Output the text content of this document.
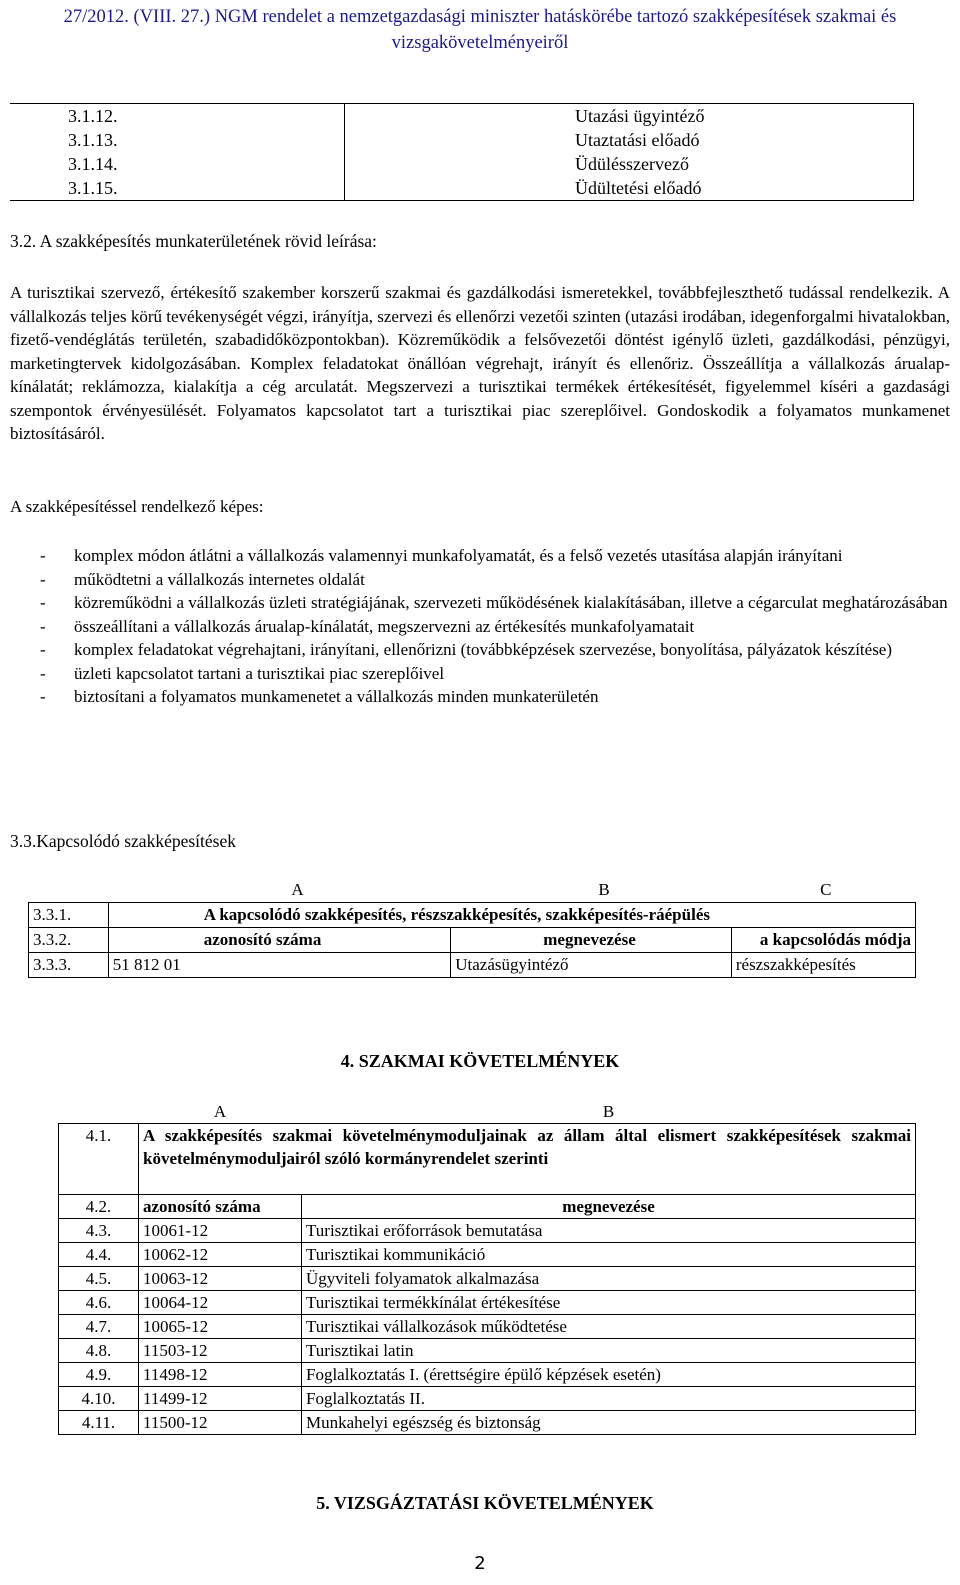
27/2012. (VIII. 27.) NGM rendelet a nemzetgazdasági miniszter hatáskörébe tartozó szakképesítések szakmai és
vizsgakövetelményeiről
3.1.12.	Utazási ügyintéző
3.1.13.	Utaztatási előadó
3.1.14.	Üdülésszervező
3.1.15.	Üdültetési előadó
3.2. A szakképesítés munkaterületének rövid leírása:
A turisztikai szervező, értékesítő szakember korszerű szakmai és gazdálkodási ismeretekkel, továbbfejleszthető tudással rendelkezik. A vállalkozás teljes körű tevékenységét végzi, irányítja, szervezi és ellenőrzi vezetői szinten (utazási irodában, idegenforgalmi hivatalokban, fizető-vendéglátás területén, szabadidőközpontokban). Közreműködik a felsővezetői döntést igénylő üzleti, gazdálkodási, pénzügyi, marketingtervek kidolgozásában. Komplex feladatokat önállóan végrehajt, irányít és ellenőriz. Összeállítja a vállalkozás árualap-kínálatát; reklámozza, kialakítja a cég arculatát. Megszervezi a turisztikai termékek értékesítését, figyelemmel kíséri a gazdasági szempontok érvényesülését. Folyamatos kapcsolatot tart a turisztikai piac szereplőivel. Gondoskodik a folyamatos munkamenet biztosításáról.
A szakképesítéssel rendelkező képes:
- komplex módon átlátni a vállalkozás valamennyi munkafolyamatát, és a felső vezetés utasítása alapján irányítani
- működtetni a vállalkozás internetes oldalát
- közreműködni a vállalkozás üzleti stratégiájának, szervezeti működésének kialakításában, illetve a cégarculat meghatározásában
- összeállítani a vállalkozás árualap-kínálatát, megszervezni az értékesítés munkafolyamatait
- komplex feladatokat végrehajtani, irányítani, ellenőrizni (továbbképzések szervezése, bonyolítása, pályázatok készítése)
- üzleti kapcsolatot tartani a turisztikai piac szereplőivel
- biztosítani a folyamatos munkamenetet a vállalkozás minden munkaterületén
3.3.Kapcsolódó szakképesítések
	A	B	C
3.3.1.	A kapcsolódó szakképesítés, részszakképesítés, szakképesítés-ráépülés		
3.3.2.	azonosító száma	megnevezése	a kapcsolódás módja
3.3.3.	51 812 01	Utazásügyintéző	részszakképesítés
4. SZAKMAI KÖVETELMÉNYEK
	A	B
4.1.	A szakképesítés szakmai követelménymoduljainak az állam által elismert szakképesítések szakmai követelménymoduljairól szóló kormányrendelet szerinti	
4.2.	azonosító száma	megnevezése
4.3.	10061-12	Turisztikai erőforrások bemutatása
4.4.	10062-12	Turisztikai kommunikáció
4.5.	10063-12	Ügyviteli folyamatok alkalmazása
4.6.	10064-12	Turisztikai termékkínálat értékesítése
4.7.	10065-12	Turisztikai vállalkozások működtetése
4.8.	11503-12	Turisztikai latin
4.9.	11498-12	Foglalkoztatás I. (érettségire épülő képzések esetén)
4.10.	11499-12	Foglalkoztatás II.
4.11.	11500-12	Munkahelyi egészség és biztonság
5. VIZSGÁZTATÁSI KÖVETELMÉNYEK
2
